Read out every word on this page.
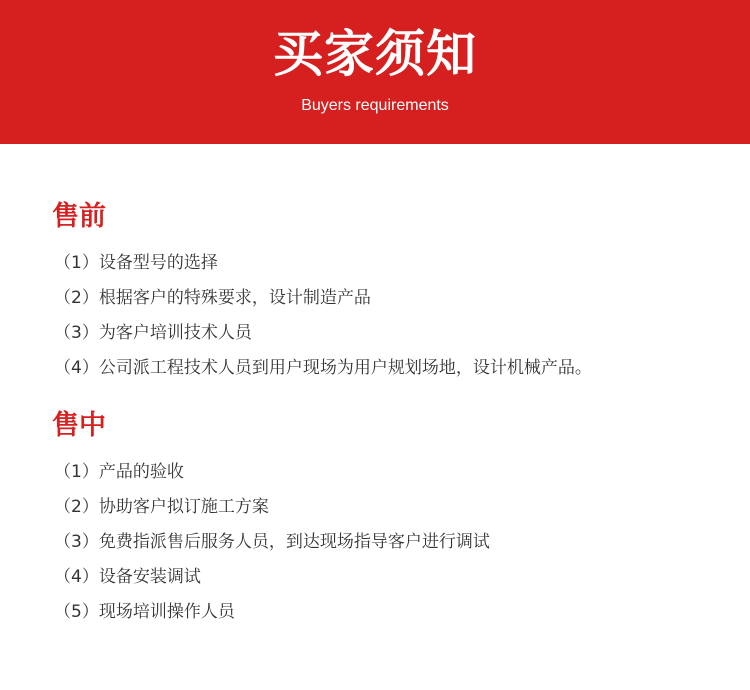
买家须知
Buyers requirements
售前
（1）设备型号的选择
（2）根据客户的特殊要求，设计制造产品
（3）为客户培训技术人员
（4）公司派工程技术人员到用户现场为用户规划场地，设计机械产品。
售中
（1）产品的验收
（2）协助客户拟订施工方案
（3）免费指派售后服务人员，到达现场指导客户进行调试
（4）设备安装调试
（5）现场培训操作人员
